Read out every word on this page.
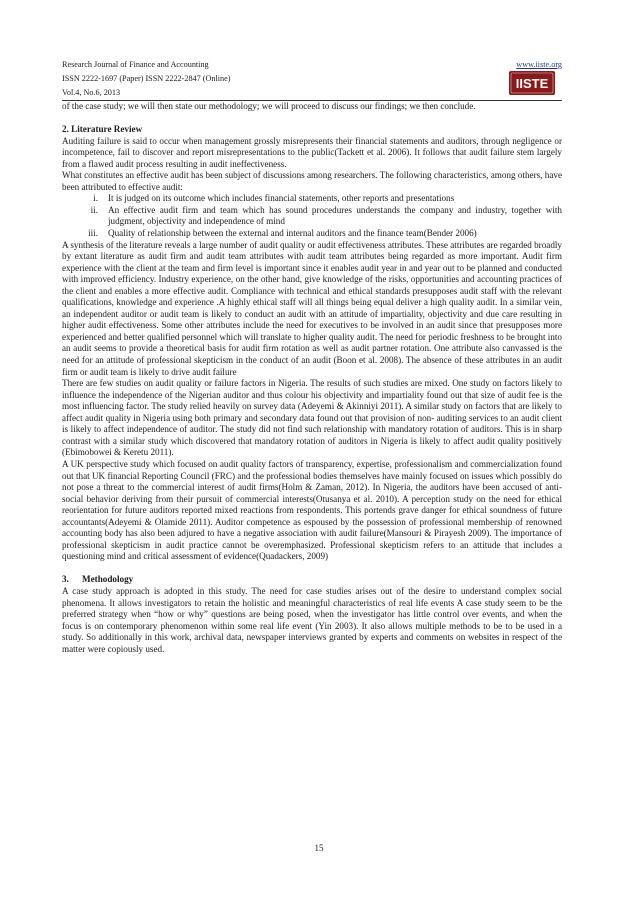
Research Journal of Finance and Accounting	www.iiste.org
ISSN 2222-1697 (Paper) ISSN 2222-2847 (Online)
Vol.4, No.6, 2013
IISTE

of the case study; we will then state our methodology; we will proceed to discuss our findings; we then conclude.

2. Literature Review

Auditing failure is said to occur when management grossly misrepresents their financial statements and auditors, through negligence or incompetence, fail to discover and report misrepresentations to the public(Tackett et al. 2006). It follows that audit failure stem largely from a flawed audit process resulting in audit ineffectiveness.

What constitutes an effective audit has been subject of discussions among researchers. The following characteristics, among others, have been attributed to effective audit:

i.	It is judged on its outcome which includes financial statements, other reports and presentations
ii.	An effective audit firm and team which has sound procedures understands the company and industry, together with judgment, objectivity and independence of mind
iii.	Quality of relationship between the external and internal auditors and the finance team(Bender 2006)

A synthesis of the literature reveals a large number of audit quality or audit effectiveness attributes. These attributes are regarded broadly by extant literature as audit firm and audit team attributes with audit team attributes being regarded as more important. Audit firm experience with the client at the team and firm level is important since it enables audit year in and year out to be planned and conducted with improved efficiency. Industry experience, on the other hand, give knowledge of the risks, opportunities and accounting practices of the client and enables a more effective audit. Compliance with technical and ethical standards presupposes audit staff with the relevant qualifications, knowledge and experience .A highly ethical staff will all things being equal deliver a high quality audit. In a similar vein, an independent auditor or audit team is likely to conduct an audit with an attitude of impartiality, objectivity and due care resulting in higher audit effectiveness. Some other attributes include the need for executives to be involved in an audit since that presupposes more experienced and better qualified personnel which will translate to higher quality audit. The need for periodic freshness to be brought into an audit seems to provide a theoretical basis for audit firm rotation as well as audit partner rotation. One attribute also canvassed is the need for an attitude of professional skepticism in the conduct of an audit (Boon et al. 2008). The absence of these attributes in an audit firm or audit team is likely to drive audit failure

There are few studies on audit quality or failure factors in Nigeria. The results of such studies are mixed. One study on factors likely to influence the independence of the Nigerian auditor and thus colour his objectivity and impartiality found out that size of audit fee is the most influencing factor. The study relied heavily on survey data (Adeyemi & Akinniyi 2011). A similar study on factors that are likely to affect audit quality in Nigeria using both primary and secondary data found out that provision of non- auditing services to an audit client is likely to affect independence of auditor. The study did not find such relationship with mandatory rotation of auditors. This is in sharp contrast with a similar study which discovered that mandatory rotation of auditors in Nigeria is likely to affect audit quality positively (Ebimobowei & Keretu 2011).

A UK perspective study which focused on audit quality factors of transparency, expertise, professionalism and commercialization found out that UK financial Reporting Council (FRC) and the professional bodies themselves have mainly focused on issues which possibly do not pose a threat to the commercial interest of audit firms(Holm & Zaman, 2012). In Nigeria, the auditors have been accused of anti- social behavior deriving from their pursuit of commercial interests(Otusanya et al. 2010). A perception study on the need for ethical reorientation for future auditors reported mixed reactions from respondents. This portends grave danger for ethical soundness of future accountants(Adeyemi & Olamide 2011). Auditor competence as espoused by the possession of professional membership of renowned accounting body has also been adjured to have a negative association with audit failure(Mansouri & Pirayesh 2009). The importance of professional skepticism in audit practice cannot be overemphasized. Professional skepticism refers to an attitude that includes a questioning mind and critical assessment of evidence(Quadackers, 2009)

3.	Methodology

A case study approach is adopted in this study. The need for case studies arises out of the desire to understand complex social phenomena. It allows investigators to retain the holistic and meaningful characteristics of real life events A case study seem to be the preferred strategy when “how or why” questions are being posed, when the investigator has little control over events, and when the focus is on contemporary phenomenon within some real life event (Yin 2003). It also allows multiple methods to be to be used in a study. So additionally in this work, archival data, newspaper interviews granted by experts and comments on websites in respect of the matter were copiously used.

15
